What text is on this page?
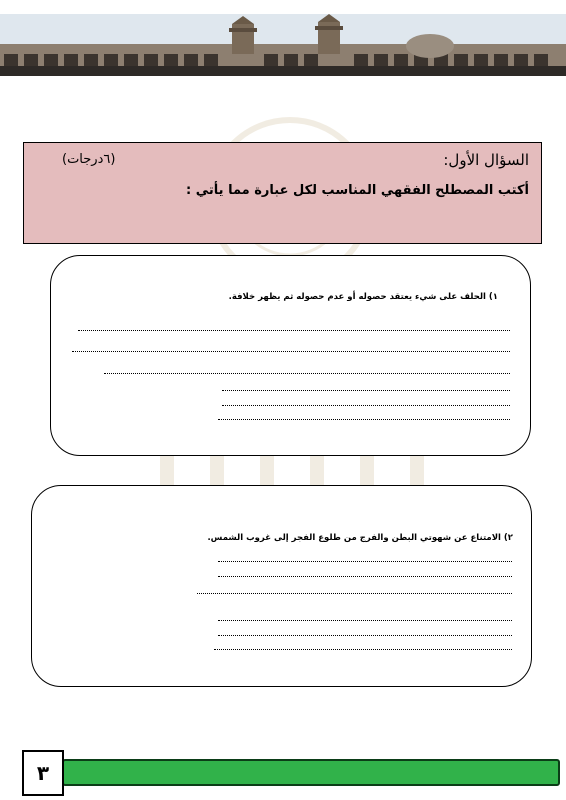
السؤال الأول:
(٦درجات)
أكتب المصطلح الفقهي المناسب لكل عبارة مما يأتي :
١) الحلف على شيء يعتقد حصوله أو عدم حصوله ثم يظهر خلافة.
٢) الامتناع عن شهوتي البطن والفرج من طلوع الفجر إلى غروب الشمس.
٣
